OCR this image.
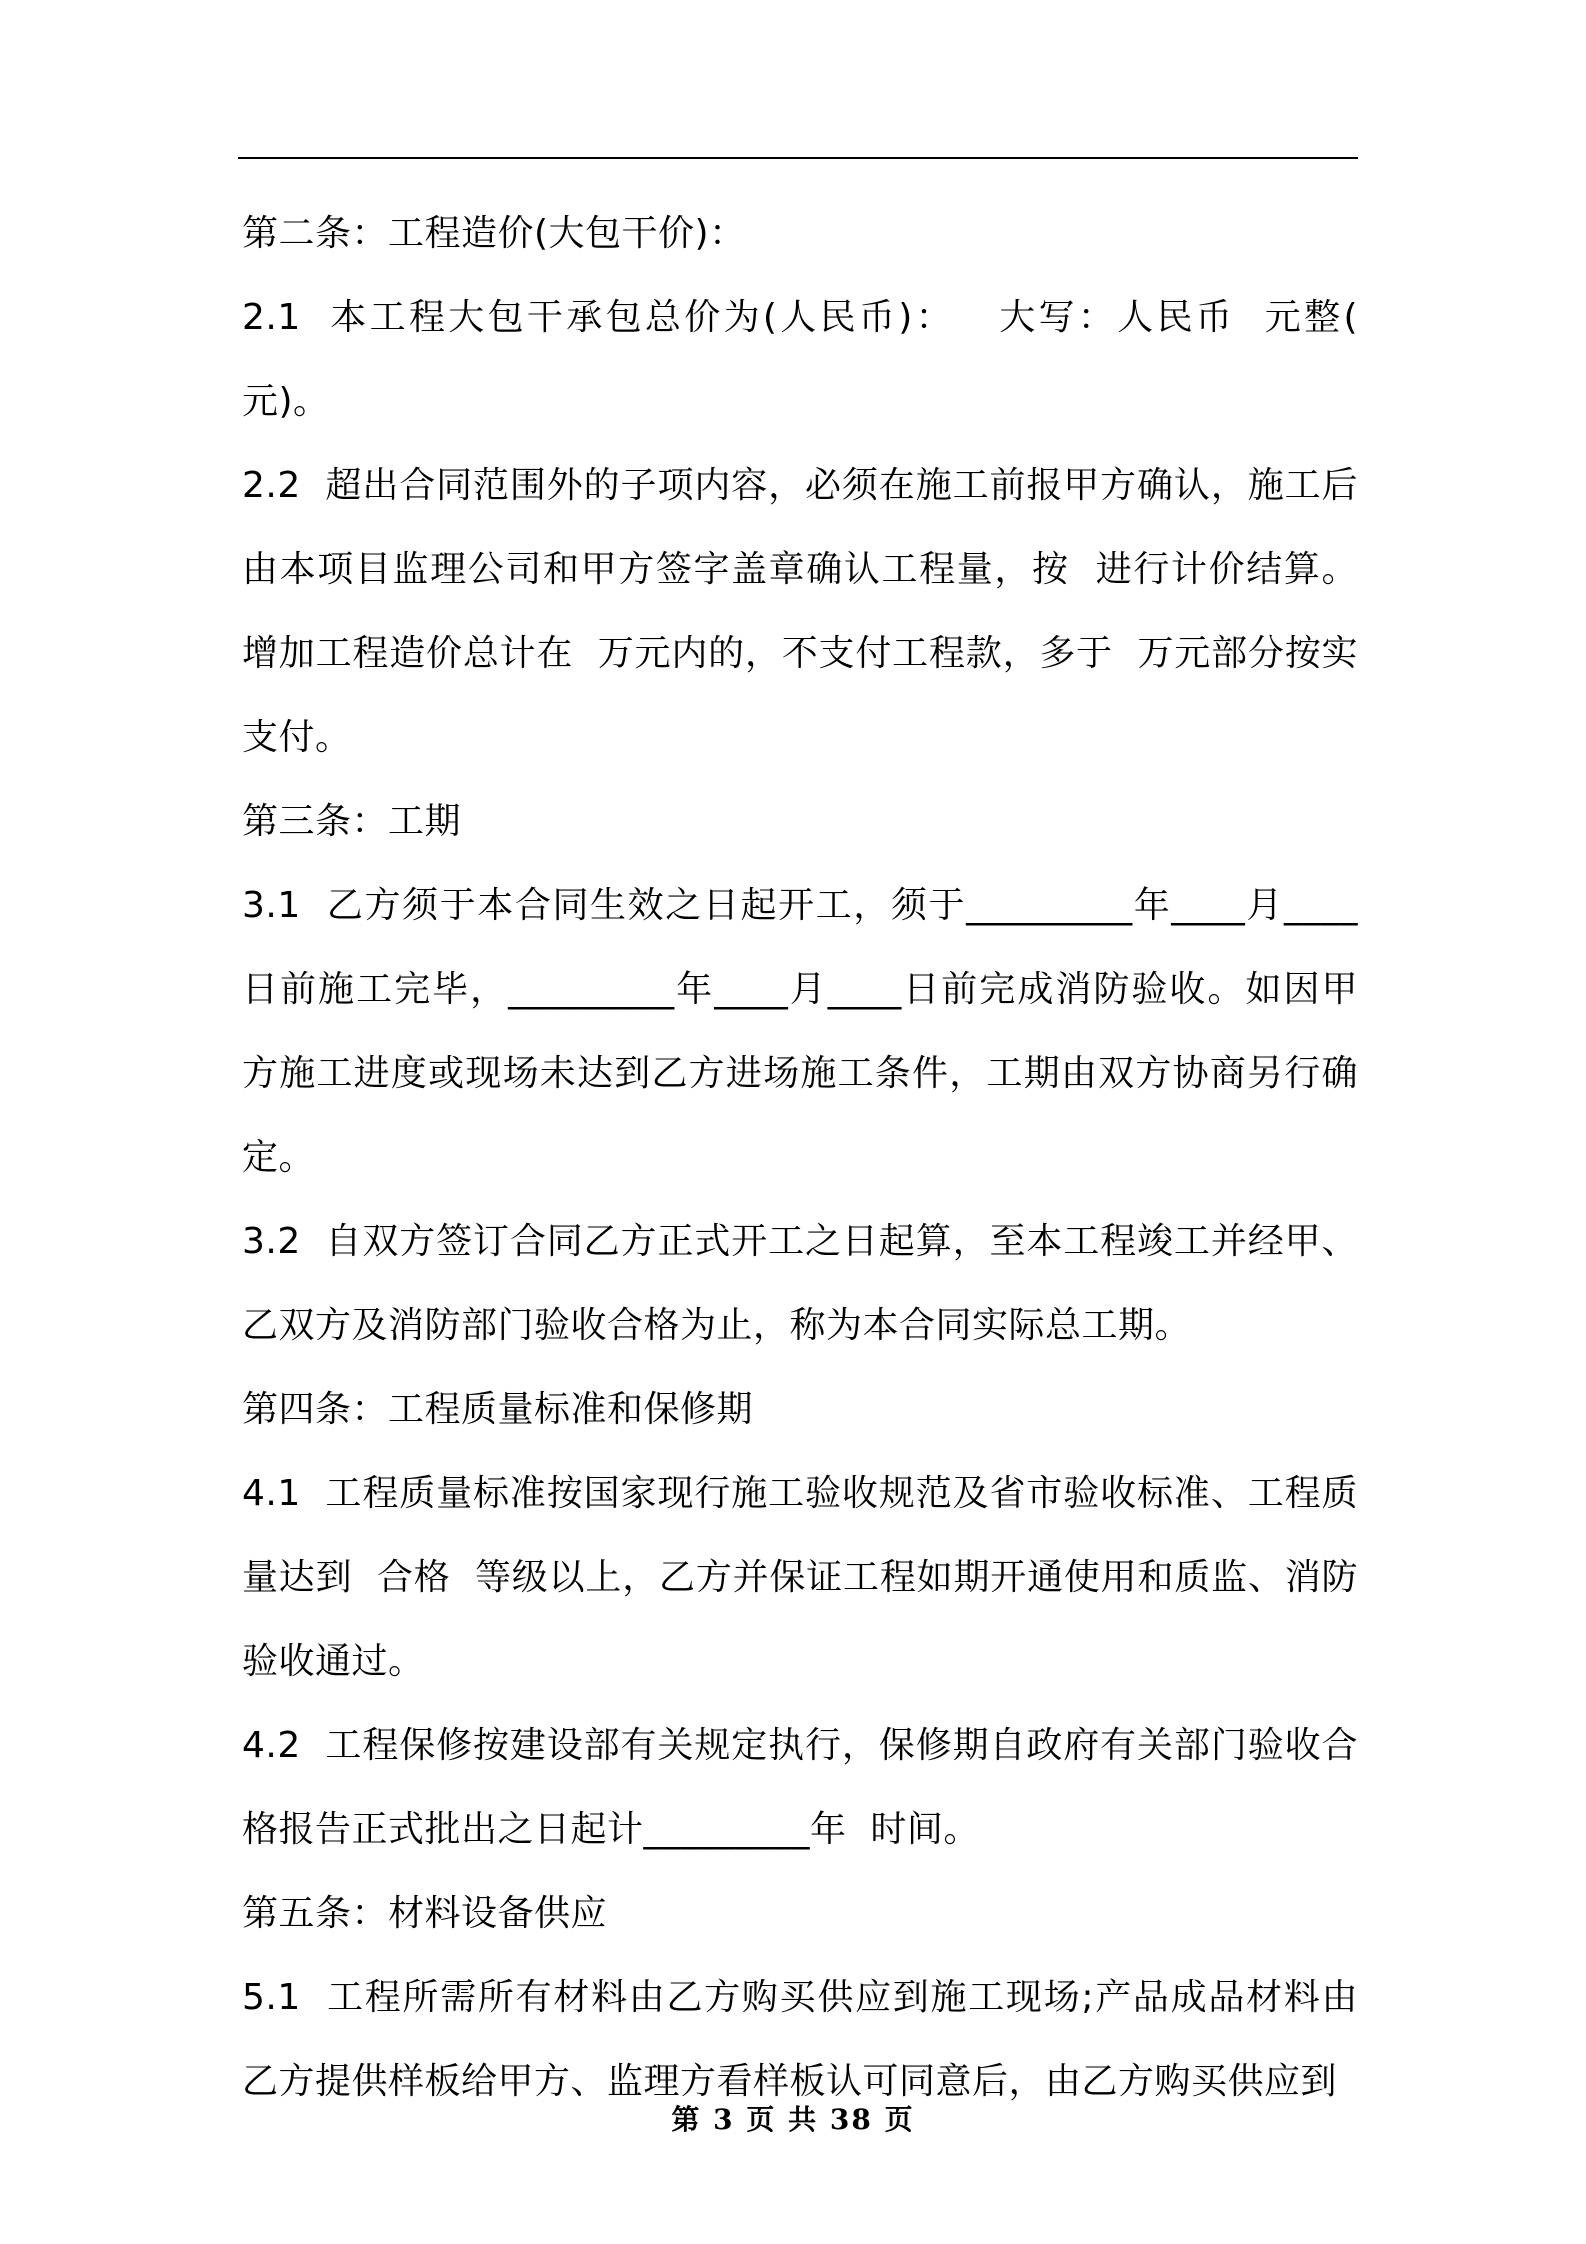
第二条：工程造价(大包干价)：

2.1  本工程大包干承包总价为(人民币)：   大写：人民币  元整(  元)。

2.2  超出合同范围外的子项内容，必须在施工前报甲方确认，施工后由本项目监理公司和甲方签字盖章确认工程量，按  进行计价结算。增加工程造价总计在  万元内的，不支付工程款，多于  万元部分按实支付。

第三条：工期

3.1  乙方须于本合同生效之日起开工，须于_________年____月____日前施工完毕，_________年____月____日前完成消防验收。如因甲方施工进度或现场未达到乙方进场施工条件，工期由双方协商另行确定。

3.2  自双方签订合同乙方正式开工之日起算，至本工程竣工并经甲、乙双方及消防部门验收合格为止，称为本合同实际总工期。

第四条：工程质量标准和保修期

4.1  工程质量标准按国家现行施工验收规范及省市验收标准、工程质量达到  合格  等级以上，乙方并保证工程如期开通使用和质监、消防验收通过。

4.2  工程保修按建设部有关规定执行，保修期自政府有关部门验收合格报告正式批出之日起计_________年  时间。

第五条：材料设备供应

5.1  工程所需所有材料由乙方购买供应到施工现场;产品成品材料由乙方提供样板给甲方、监理方看样板认可同意后，由乙方购买供应到

第 3 页 共 38 页
